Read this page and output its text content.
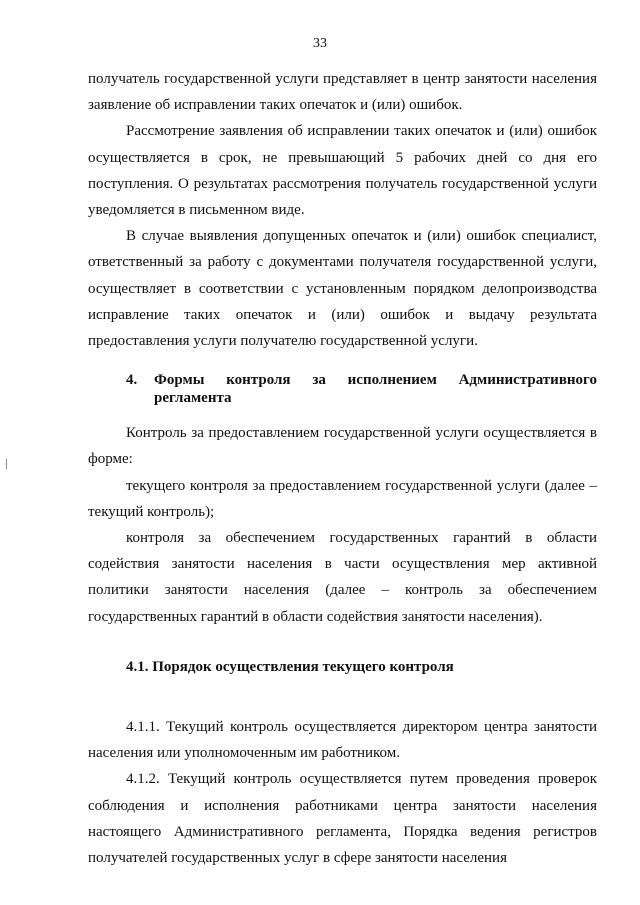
33

получатель государственной услуги представляет в центр занятости населения заявление об исправлении таких опечаток и (или) ошибок.

Рассмотрение заявления об исправлении таких опечаток и (или) ошибок осуществляется в срок, не превышающий 5 рабочих дней со дня его поступления. О результатах рассмотрения получатель государственной услуги уведомляется в письменном виде.

В случае выявления допущенных опечаток и (или) ошибок специалист, ответственный за работу с документами получателя государственной услуги, осуществляет в соответствии с установленным порядком делопроизводства исправление таких опечаток и (или) ошибок и выдачу результата предоставления услуги получателю государственной услуги.

4.	Формы контроля за исполнением Административного регламента

Контроль за предоставлением государственной услуги осуществляется в форме:

текущего контроля за предоставлением государственной услуги (далее – текущий контроль);

контроля за обеспечением государственных гарантий в области содействия занятости населения в части осуществления мер активной политики занятости населения (далее – контроль за обеспечением государственных гарантий в области содействия занятости населения).

4.1. Порядок осуществления текущего контроля

4.1.1. Текущий контроль осуществляется директором центра занятости населения или уполномоченным им работником.

4.1.2. Текущий контроль осуществляется путем проведения проверок соблюдения и исполнения работниками центра занятости населения настоящего Административного регламента, Порядка ведения регистров получателей государственных услуг в сфере занятости населения
